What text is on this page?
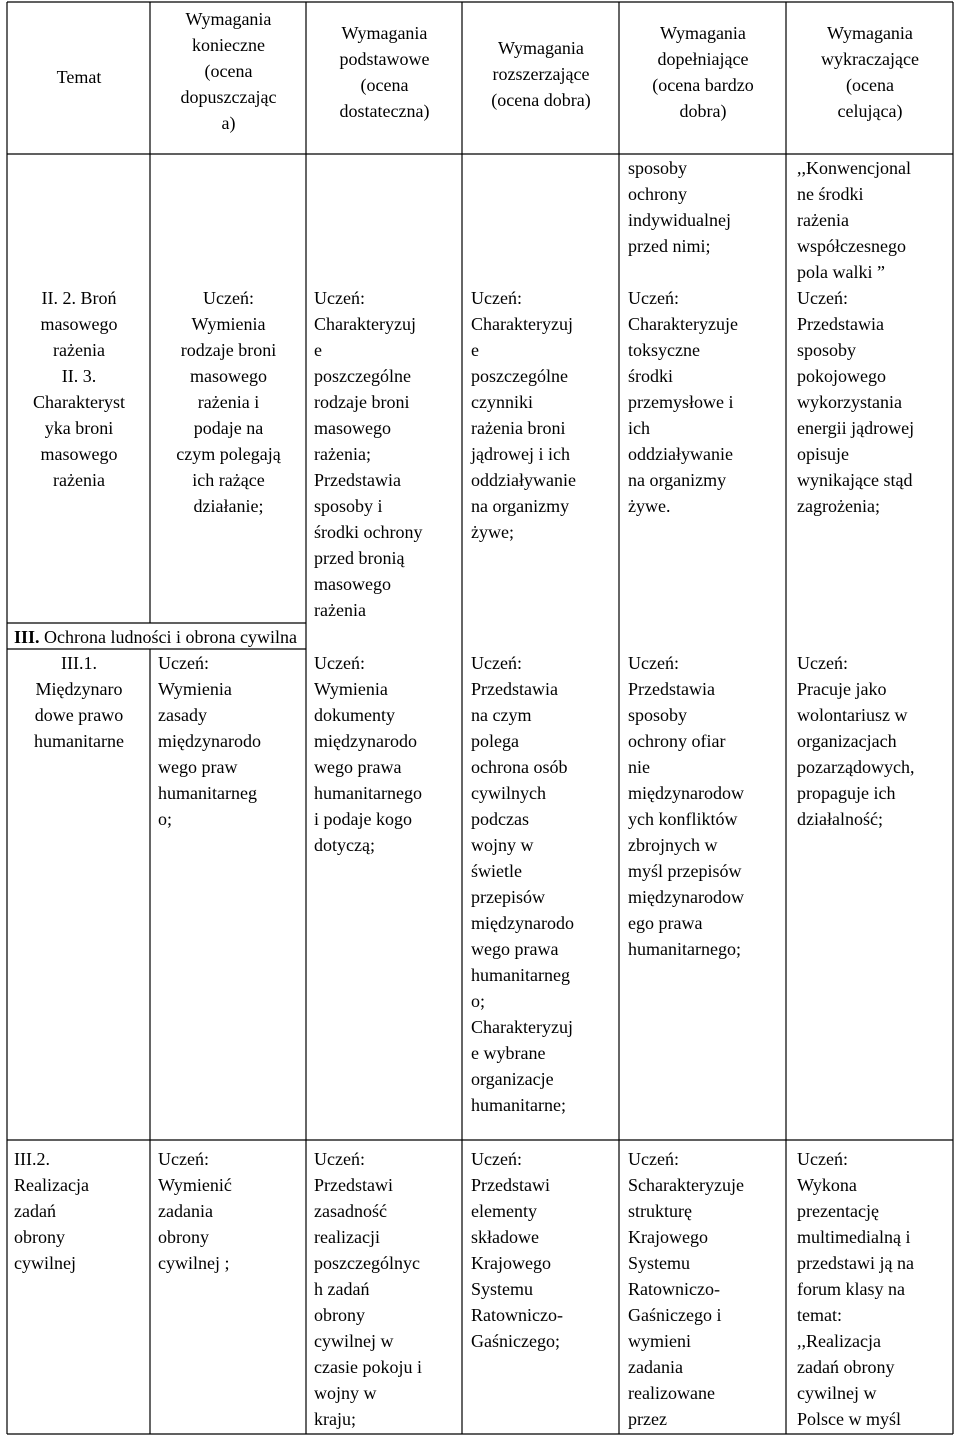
Temat

Wymagania
konieczne
(ocena
dopuszczając
a)

Wymagania
podstawowe
(ocena
dostateczna)

Wymagania
rozszerzające
(ocena dobra)

Wymagania
dopełniające
(ocena bardzo
dobra)

Wymagania
wykraczające
(ocena
celująca)

II. 2. Broń
masowego
rażenia
II. 3.
Charakteryst
yka broni
masowego
rażenia

Uczeń:
Wymienia
rodzaje broni
masowego
rażenia i
podaje na
czym polegają
ich rażące
działanie;

Uczeń:
Charakteryzuj
e
poszczególne
rodzaje broni
masowego
rażenia;
Przedstawia
sposoby i
środki ochrony
przed bronią
masowego
rażenia

Uczeń:
Charakteryzuj
e
poszczególne
czynniki
rażenia broni
jądrowej i ich
oddziaływanie
na organizmy
żywe;

sposoby
ochrony
indywidualnej
przed nimi;

Uczeń:
Charakteryzuje
toksyczne
środki
przemysłowe i
ich
oddziaływanie
na organizmy
żywe.

,,Konwencjonal
ne środki
rażenia
współczesnego
pola walki ”

Uczeń:
Przedstawia
sposoby
pokojowego
wykorzystania
energii jądrowej
opisuje
wynikające stąd
zagrożenia;

III. Ochrona ludności i obrona cywilna

III.1.
Międzynaro
dowe prawo
humanitarne

Uczeń:
Wymienia
zasady
międzynarodo
wego praw
humanitarneg
o;

Uczeń:
Wymienia
dokumenty
międzynarodo
wego prawa
humanitarnego
i podaje kogo
dotyczą;

Uczeń:
Przedstawia
na czym
polega
ochrona osób
cywilnych
podczas
wojny w
świetle
przepisów
międzynarodo
wego prawa
humanitarneg
o;
Charakteryzuj
e wybrane
organizacje
humanitarne;

Uczeń:
Przedstawia
sposoby
ochrony ofiar
nie
międzynarodow
ych konfliktów
zbrojnych w
myśl przepisów
międzynarodow
ego prawa
humanitarnego;

Uczeń:
Pracuje jako
wolontariusz w
organizacjach
pozarządowych,
propaguje ich
działalność;

III.2.
Realizacja
zadań
obrony
cywilnej

Uczeń:
Wymienić
zadania
obrony
cywilnej ;

Uczeń:
Przedstawi
zasadność
realizacji
poszczególnyc
h zadań
obrony
cywilnej w
czasie pokoju i
wojny w
kraju;

Uczeń:
Przedstawi
elementy
składowe
Krajowego
Systemu
Ratowniczo-
Gaśniczego;

Uczeń:
Scharakteryzuje
strukturę
Krajowego
Systemu
Ratowniczo-
Gaśniczego i
wymieni
zadania
realizowane
przez

Uczeń:
Wykona
prezentację
multimedialną i
przedstawi ją na
forum klasy na
temat:
,,Realizacja
zadań obrony
cywilnej w
Polsce w myśl
